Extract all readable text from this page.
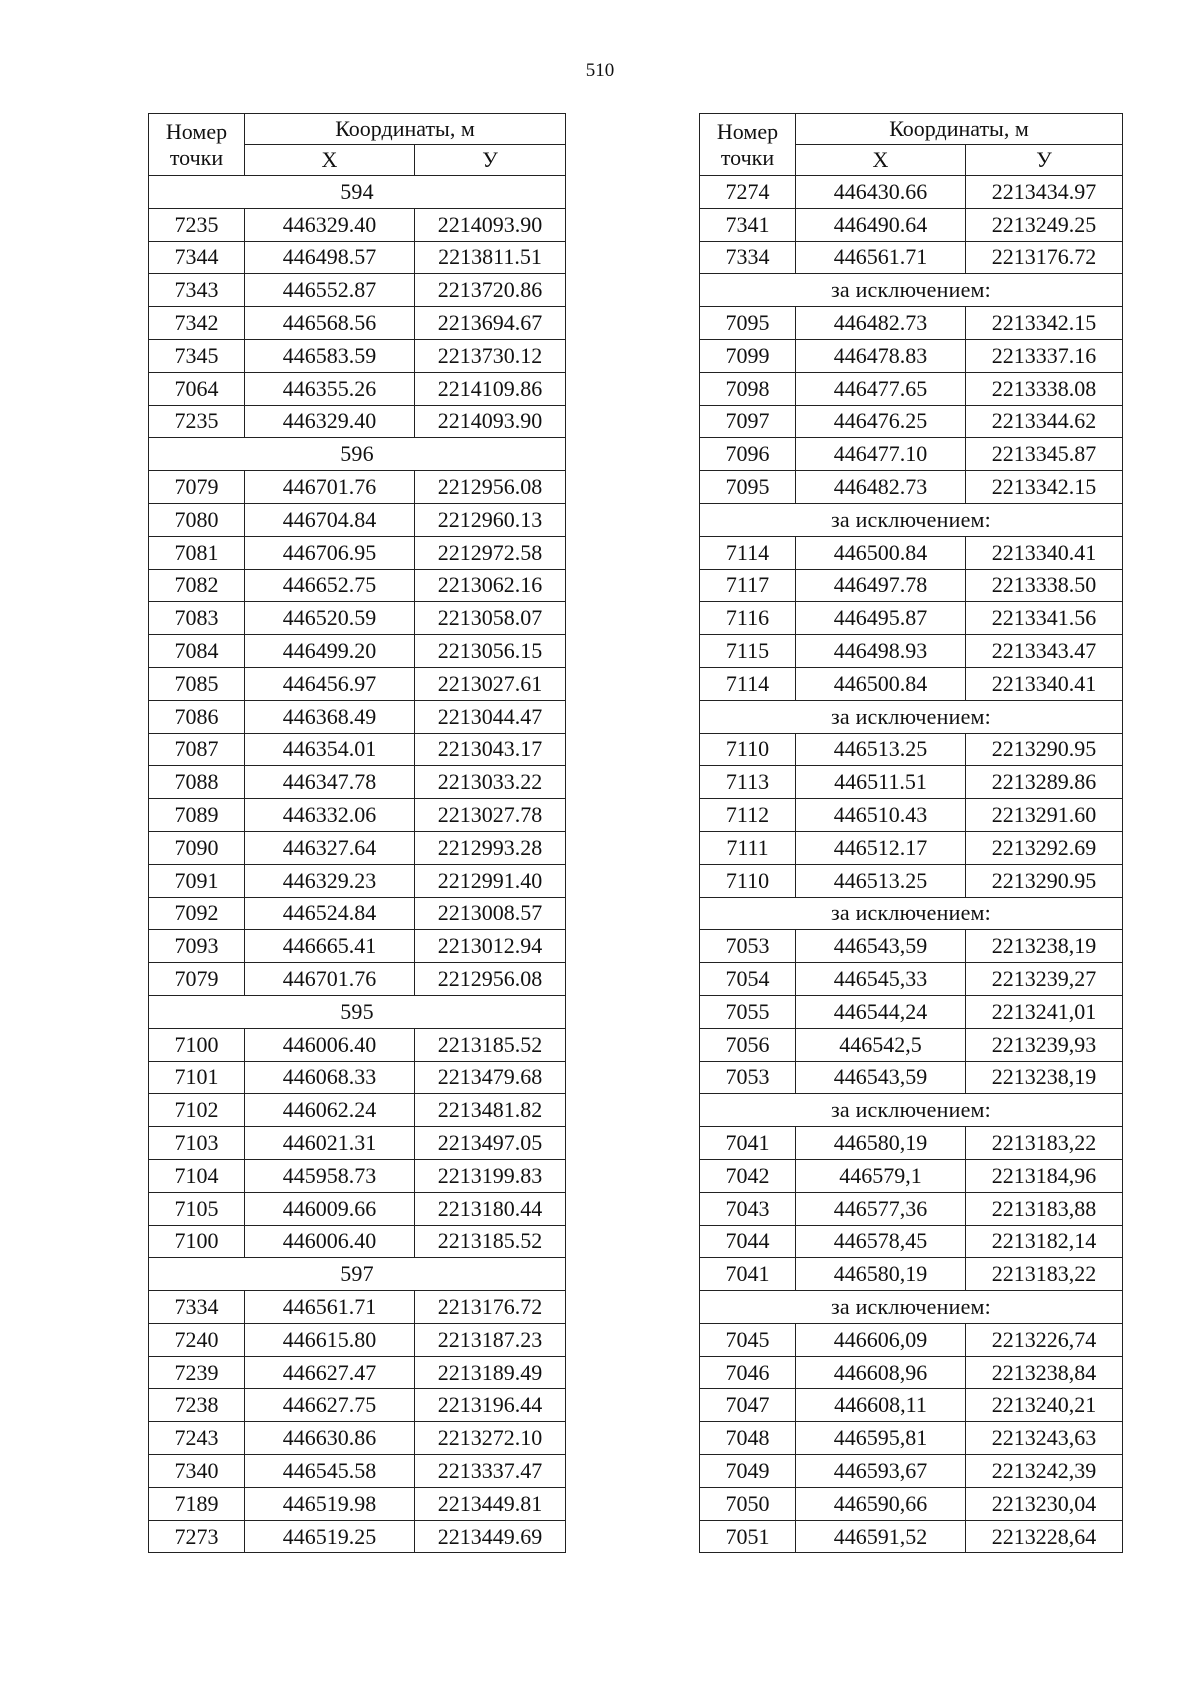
510
Номер
точки	Координаты, м	
	Х	У
594		
7235	446329.40	2214093.90
7344	446498.57	2213811.51
7343	446552.87	2213720.86
7342	446568.56	2213694.67
7345	446583.59	2213730.12
7064	446355.26	2214109.86
7235	446329.40	2214093.90
596		
7079	446701.76	2212956.08
7080	446704.84	2212960.13
7081	446706.95	2212972.58
7082	446652.75	2213062.16
7083	446520.59	2213058.07
7084	446499.20	2213056.15
7085	446456.97	2213027.61
7086	446368.49	2213044.47
7087	446354.01	2213043.17
7088	446347.78	2213033.22
7089	446332.06	2213027.78
7090	446327.64	2212993.28
7091	446329.23	2212991.40
7092	446524.84	2213008.57
7093	446665.41	2213012.94
7079	446701.76	2212956.08
595		
7100	446006.40	2213185.52
7101	446068.33	2213479.68
7102	446062.24	2213481.82
7103	446021.31	2213497.05
7104	445958.73	2213199.83
7105	446009.66	2213180.44
7100	446006.40	2213185.52
597		
7334	446561.71	2213176.72
7240	446615.80	2213187.23
7239	446627.47	2213189.49
7238	446627.75	2213196.44
7243	446630.86	2213272.10
7340	446545.58	2213337.47
7189	446519.98	2213449.81
7273	446519.25	2213449.69
Номер
точки	Координаты, м	
	Х	У
7274	446430.66	2213434.97
7341	446490.64	2213249.25
7334	446561.71	2213176.72
за исключением:		
7095	446482.73	2213342.15
7099	446478.83	2213337.16
7098	446477.65	2213338.08
7097	446476.25	2213344.62
7096	446477.10	2213345.87
7095	446482.73	2213342.15
за исключением:		
7114	446500.84	2213340.41
7117	446497.78	2213338.50
7116	446495.87	2213341.56
7115	446498.93	2213343.47
7114	446500.84	2213340.41
за исключением:		
7110	446513.25	2213290.95
7113	446511.51	2213289.86
7112	446510.43	2213291.60
7111	446512.17	2213292.69
7110	446513.25	2213290.95
за исключением:		
7053	446543,59	2213238,19
7054	446545,33	2213239,27
7055	446544,24	2213241,01
7056	446542,5	2213239,93
7053	446543,59	2213238,19
за исключением:		
7041	446580,19	2213183,22
7042	446579,1	2213184,96
7043	446577,36	2213183,88
7044	446578,45	2213182,14
7041	446580,19	2213183,22
за исключением:		
7045	446606,09	2213226,74
7046	446608,96	2213238,84
7047	446608,11	2213240,21
7048	446595,81	2213243,63
7049	446593,67	2213242,39
7050	446590,66	2213230,04
7051	446591,52	2213228,64
